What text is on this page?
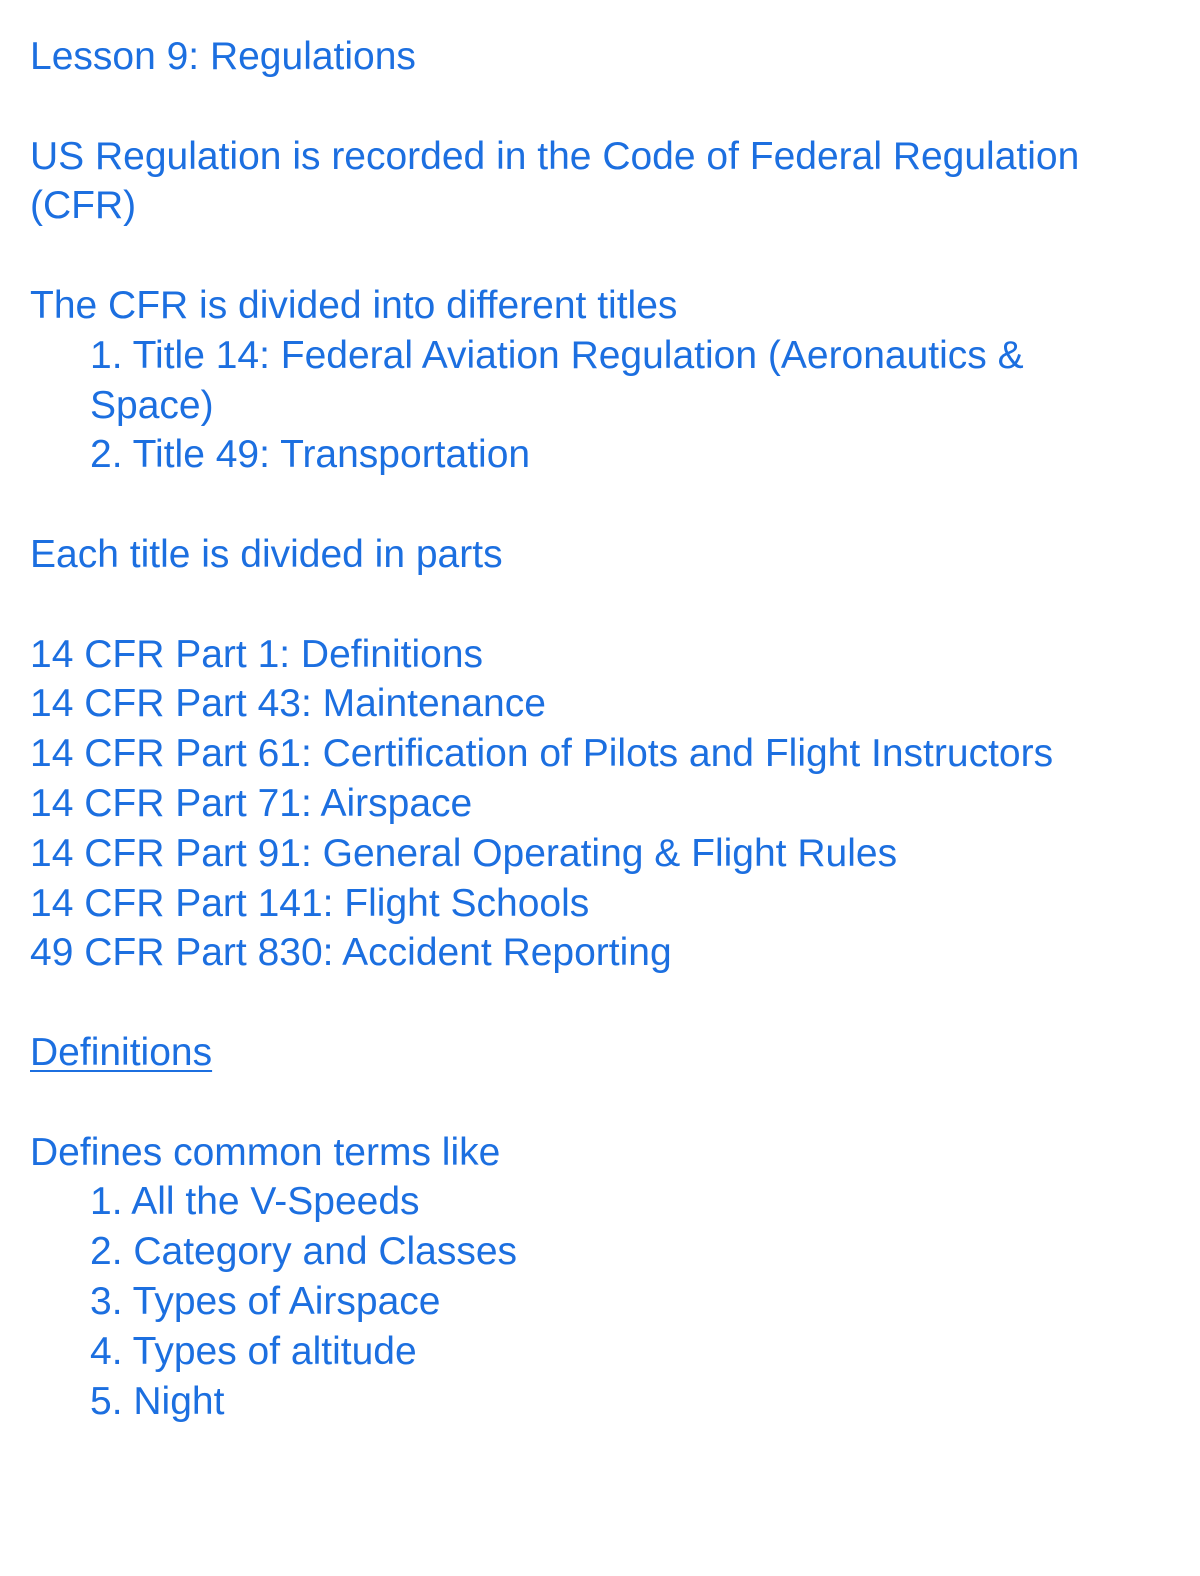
Lesson 9: Regulations
US Regulation is recorded in the Code of Federal Regulation
(CFR)
The CFR is divided into different titles
1. Title 14: Federal Aviation Regulation (Aeronautics &
Space)
2. Title 49: Transportation
Each title is divided in parts
14 CFR Part 1: Definitions
14 CFR Part 43: Maintenance
14 CFR Part 61: Certification of Pilots and Flight Instructors
14 CFR Part 71: Airspace
14 CFR Part 91: General Operating & Flight Rules
14 CFR Part 141: Flight Schools
49 CFR Part 830: Accident Reporting
Definitions
Defines common terms like
1. All the V-Speeds
2. Category and Classes
3. Types of Airspace
4. Types of altitude
5. Night
